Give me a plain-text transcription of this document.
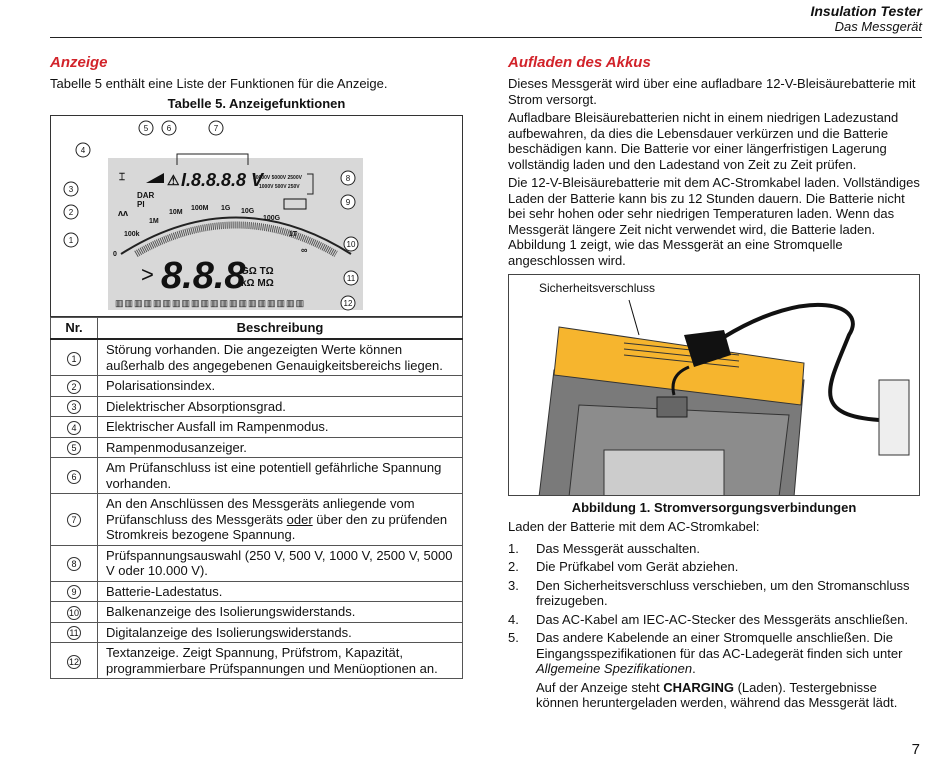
Insulation Tester
Das Messgerät
Anzeige

Tabelle 5 enthält eine Liste der Funktionen für die Anzeige.

Tabelle 5. Anzeigefunktionen
⌶	⚠ I.8.8.8.8 V
10000V 5000V 2500V
1000V 500V 250V
DAR
PI
ᴧᴧ
0
100k
1M
10M
100M 1G 10G
100G
1T
∞
> 8.8.8
GΩ TΩ
kΩ MΩ
▥▥▥▥▥▥▥▥▥▥▥▥▥▥▥▥▥▥▥▥
1
2
3
4
5 6	7
8
9
10
11
12
Nr.	Beschreibung
1	Störung vorhanden. Die angezeigten Werte können außerhalb des angegebenen Genauigkeitsbereichs liegen.
2	Polarisationsindex.
3	Dielektrischer Absorptionsgrad.
4	Elektrischer Ausfall im Rampenmodus.
5	Rampenmodusanzeiger.
6	Am Prüfanschluss ist eine potentiell gefährliche Spannung vorhanden.
7	An den Anschlüssen des Messgeräts anliegende vom Prüfanschluss des Messgeräts oder über den zu prüfenden Stromkreis bezogene Spannung.
8	Prüfspannungsauswahl (250 V, 500 V, 1000 V, 2500 V, 5000 V oder 10.000 V).
9	Batterie-Ladestatus.
10	Balkenanzeige des Isolierungswiderstands.
11	Digitalanzeige des Isolierungswiderstands.
12	Textanzeige. Zeigt Spannung, Prüfstrom, Kapazität, programmierbare Prüfspannungen und Menüoptionen an.
Aufladen des Akkus

Dieses Messgerät wird über eine aufladbare 12-V-Bleisäurebatterie mit Strom versorgt.

Aufladbare Bleisäurebatterien nicht in einem niedrigen Ladezustand aufbewahren, da dies die Lebensdauer verkürzen und die Batterie beschädigen kann. Die Batterie vor einer längerfristigen Lagerung vollständig laden und den Ladestand von Zeit zu Zeit prüfen.

Die 12-V-Bleisäurebatterie mit dem AC-Stromkabel laden. Vollständiges Laden der Batterie kann bis zu 12 Stunden dauern. Die Batterie nicht bei sehr hohen oder sehr niedrigen Temperaturen laden. Wenn das Messgerät längere Zeit nicht verwendet wird, die Batterie laden. Abbildung 1 zeigt, wie das Messgerät an eine Stromquelle angeschlossen wird.

Sicherheitsverschluss
Abbildung 1. Stromversorgungsverbindungen

Laden der Batterie mit dem AC-Stromkabel:

1.	Das Messgerät ausschalten.
2.	Die Prüfkabel vom Gerät abziehen.
3.	Den Sicherheitsverschluss verschieben, um den Stromanschluss freizugeben.
4.	Das AC-Kabel am IEC-AC-Stecker des Messgeräts anschließen.
5.	Das andere Kabelende an einer Stromquelle anschließen. Die Eingangsspezifikationen für das AC-Ladegerät finden sich unter Allgemeine Spezifikationen.

Auf der Anzeige steht CHARGING (Laden). Testergebnisse können heruntergeladen werden, während das Messgerät lädt.

7
